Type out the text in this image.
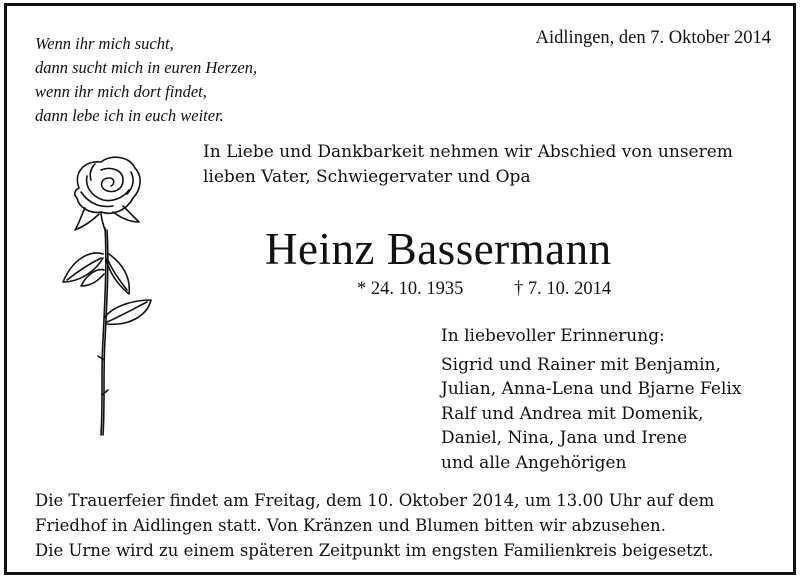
Wenn ihr mich sucht,
dann sucht mich in euren Herzen,
wenn ihr mich dort findet,
dann lebe ich in euch weiter.
Aidlingen, den 7. Oktober 2014
In Liebe und Dankbarkeit nehmen wir Abschied von unserem
lieben Vater, Schwiegervater und Opa
Heinz Bassermann
* 24. 10. 1935	† 7. 10. 2014
In liebevoller Erinnerung:
Sigrid und Rainer mit Benjamin,
Julian, Anna-Lena und Bjarne Felix
Ralf und Andrea mit Domenik,
Daniel, Nina, Jana und Irene
und alle Angehörigen
Die Trauerfeier findet am Freitag, dem 10. Oktober 2014, um 13.00 Uhr auf dem
Friedhof in Aidlingen statt. Von Kränzen und Blumen bitten wir abzusehen.
Die Urne wird zu einem späteren Zeitpunkt im engsten Familienkreis beigesetzt.
